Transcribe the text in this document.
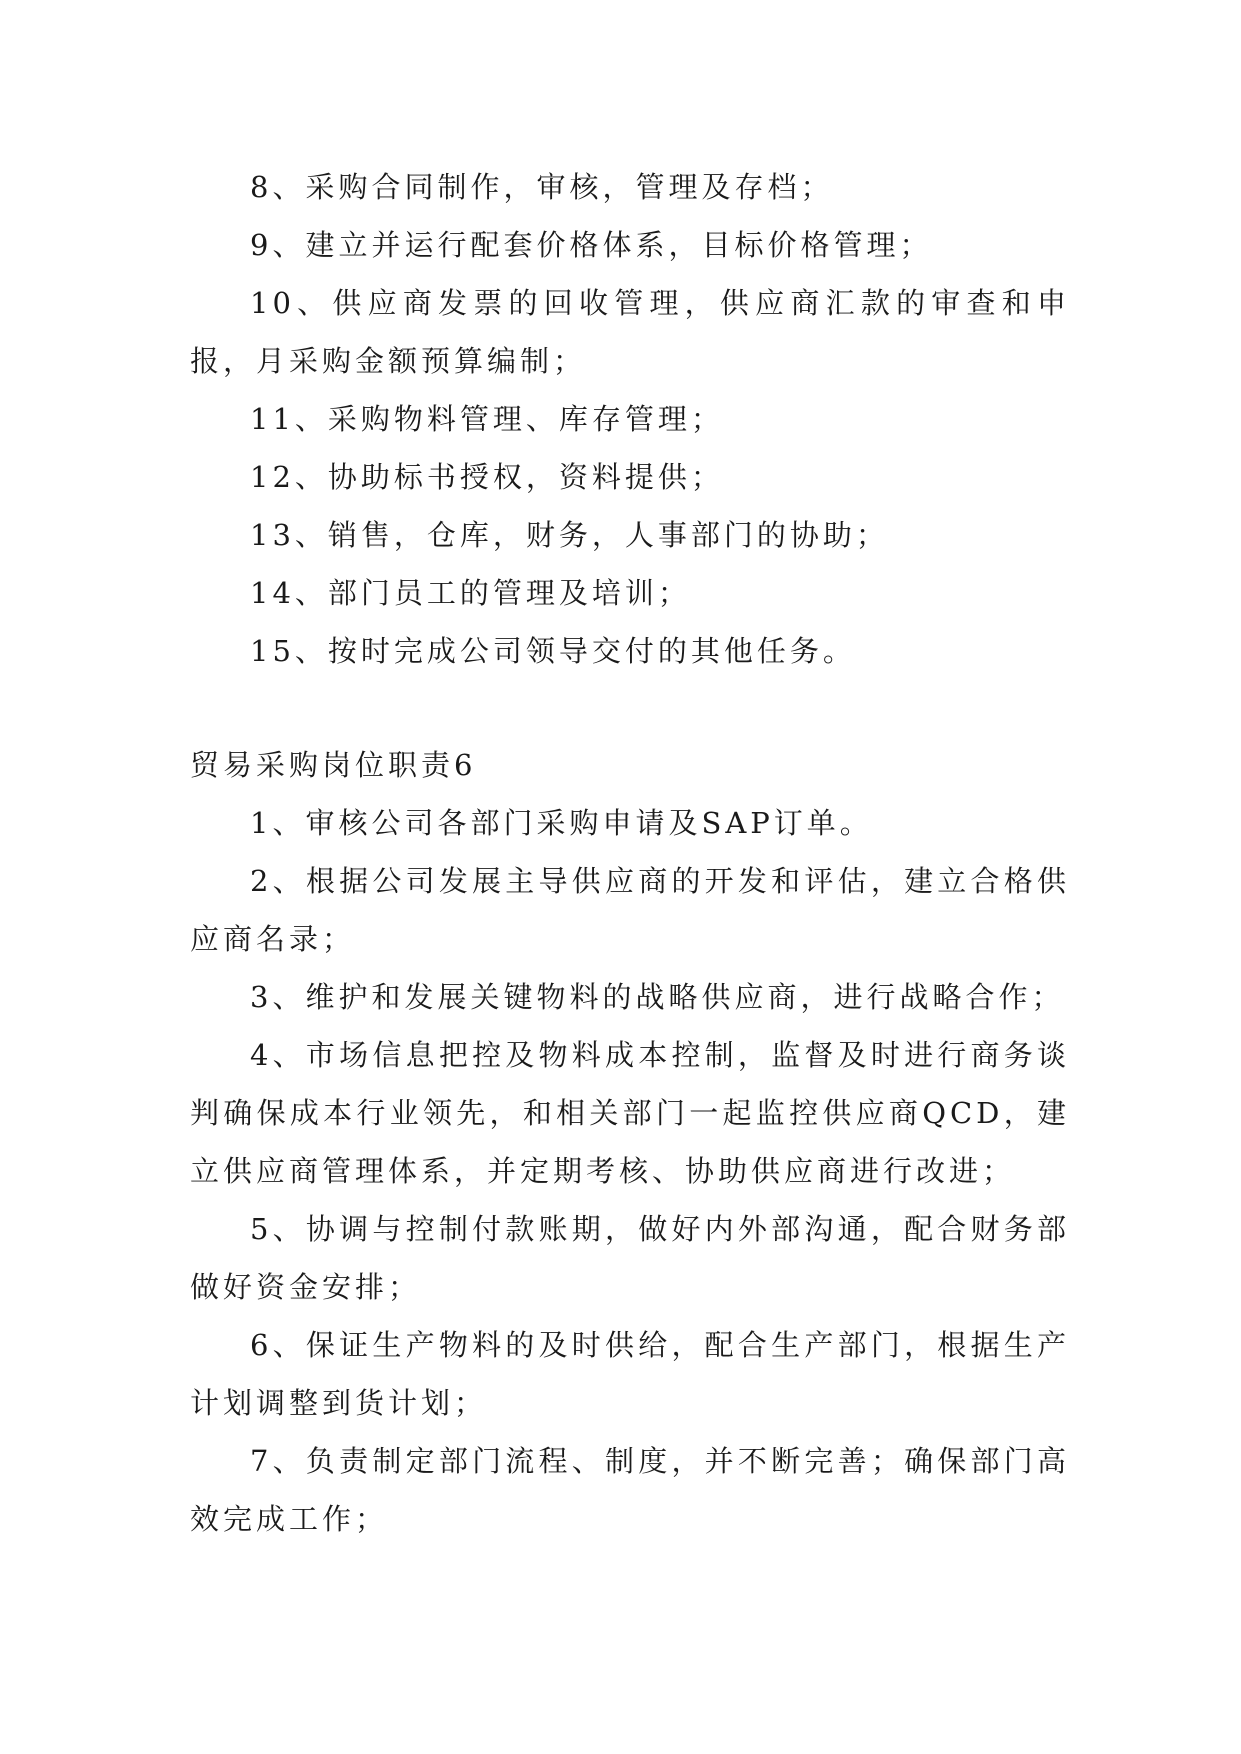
8、采购合同制作，审核，管理及存档；

9、建立并运行配套价格体系，目标价格管理；

10、供应商发票的回收管理，供应商汇款的审查和申报，月采购金额预算编制；

11、采购物料管理、库存管理；

12、协助标书授权，资料提供；

13、销售，仓库，财务，人事部门的协助；

14、部门员工的管理及培训；

15、按时完成公司领导交付的其他任务。

贸易采购岗位职责6

1、审核公司各部门采购申请及SAP订单。

2、根据公司发展主导供应商的开发和评估，建立合格供应商名录；

3、维护和发展关键物料的战略供应商，进行战略合作；

4、市场信息把控及物料成本控制，监督及时进行商务谈判确保成本行业领先，和相关部门一起监控供应商QCD，建立供应商管理体系，并定期考核、协助供应商进行改进；

5、协调与控制付款账期，做好内外部沟通，配合财务部做好资金安排；

6、保证生产物料的及时供给，配合生产部门，根据生产计划调整到货计划；

7、负责制定部门流程、制度，并不断完善；确保部门高效完成工作；
